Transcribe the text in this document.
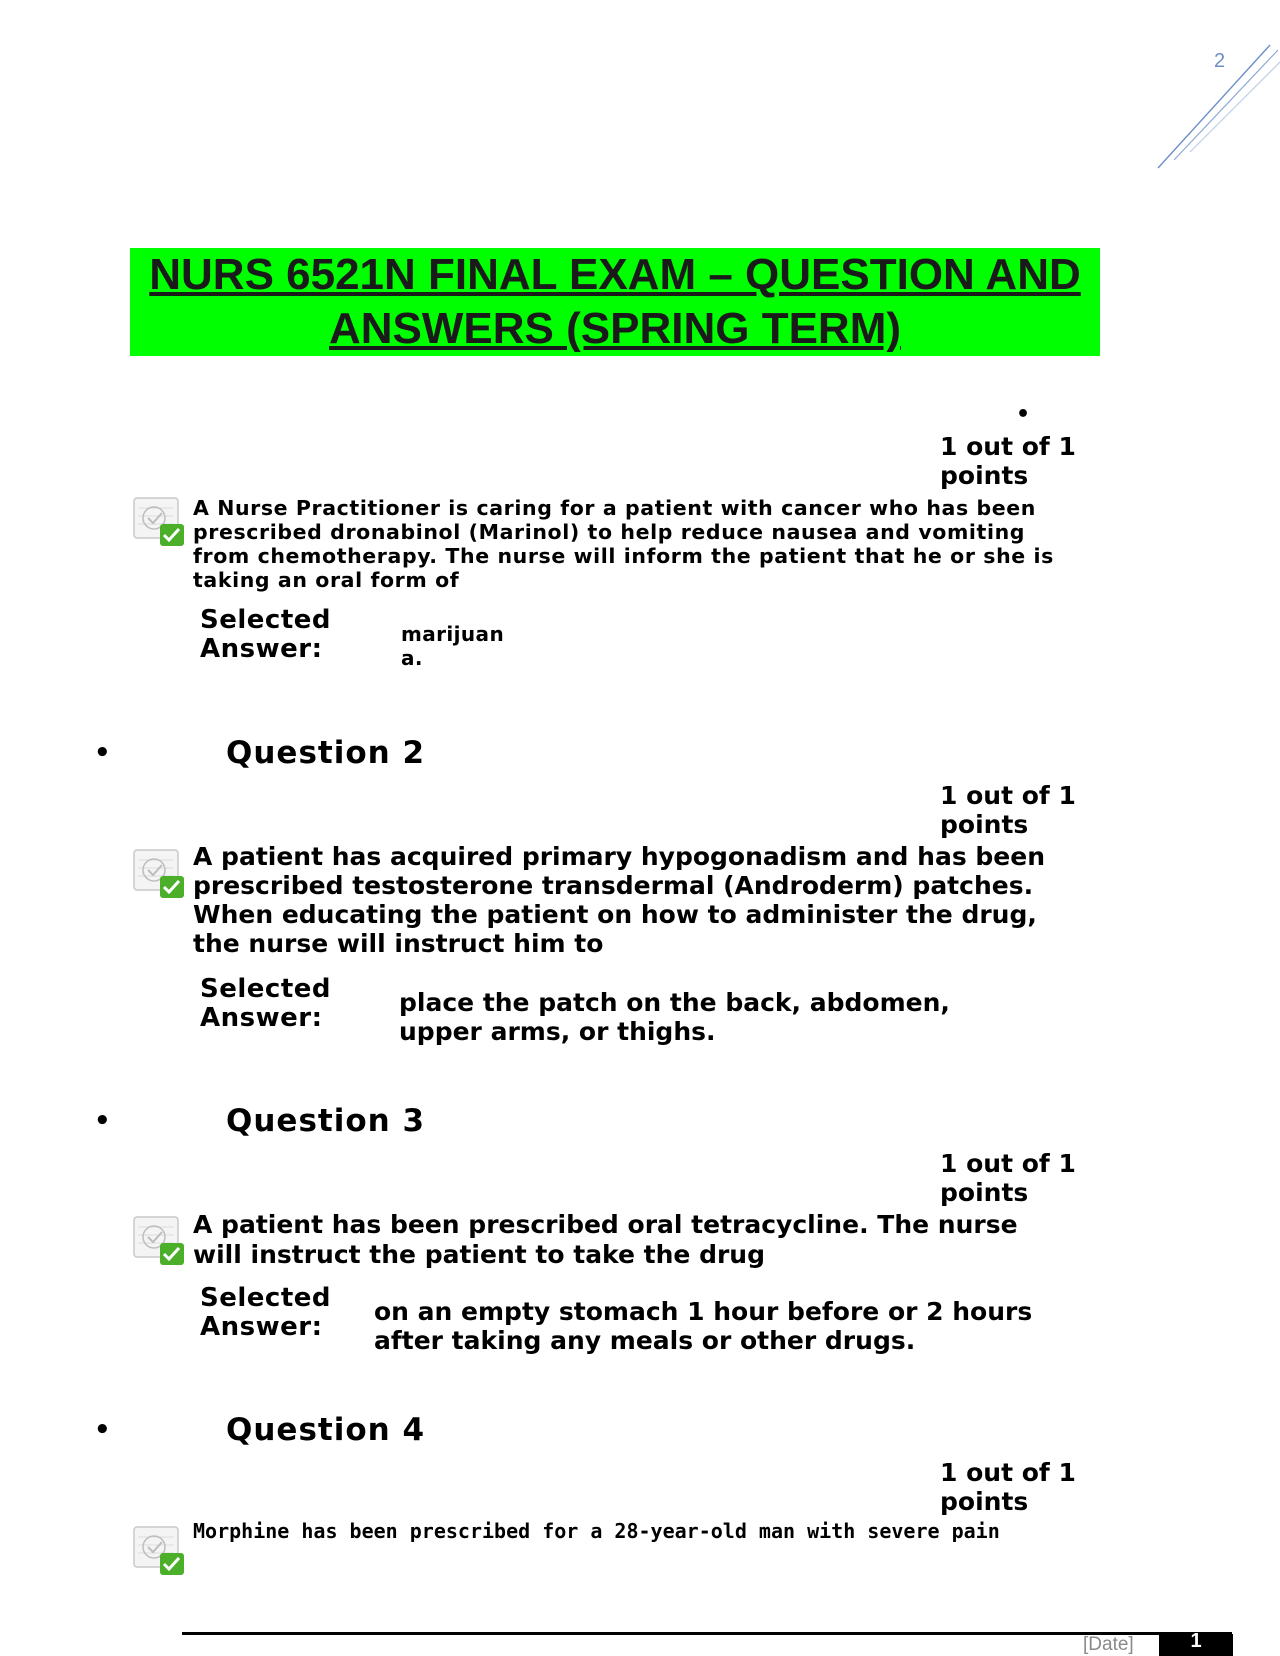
2
NURS 6521N FINAL EXAM – QUESTION AND
ANSWERS (SPRING TERM)
•
1 out of 1 points
A Nurse Practitioner is caring for a patient with cancer who has been prescribed dronabinol (Marinol) to help reduce nausea and vomiting from chemotherapy. The nurse will inform the patient that he or she is taking an oral form of
Selected Answer:	marijuan a.
•	Question 2
1 out of 1 points
A patient has acquired primary hypogonadism and has been prescribed testosterone transdermal (Androderm) patches. When educating the patient on how to administer the drug, the nurse will instruct him to
Selected Answer:
place the patch on the back, abdomen, upper arms, or thighs.
•	Question 3
1 out of 1 points
A patient has been prescribed oral tetracycline. The nurse will instruct the patient to take the drug
Selected Answer:
on an empty stomach 1 hour before or 2 hours after taking any meals or other drugs.
•	Question 4
1 out of 1 points
Morphine has been prescribed for a 28-year-old man with severe pain
[Date]	1
